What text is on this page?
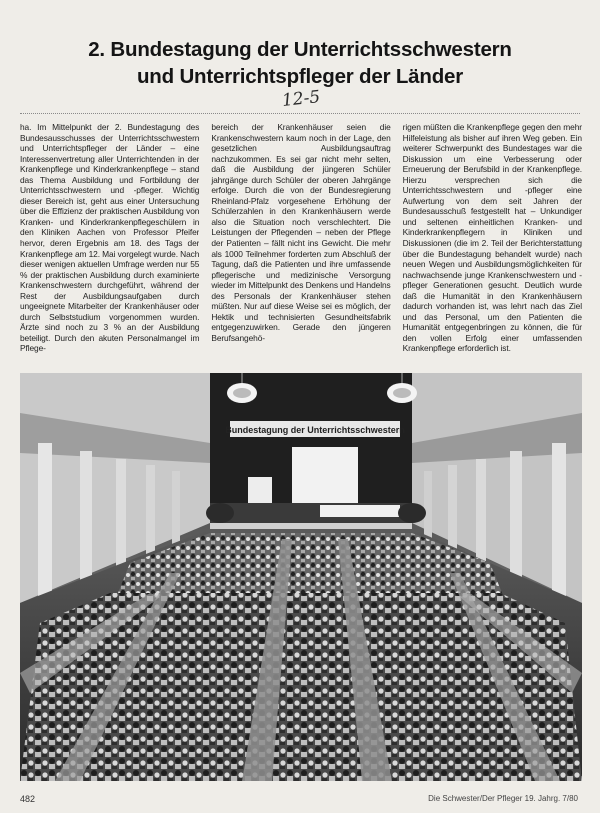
2. Bundestagung der Unterrichtsschwestern
und Unterrichtspfleger der Länder
12-5
ha. Im Mittelpunkt der 2. Bundestagung des Bundesausschusses der Unterrichtsschwestern und Unterrichtspfleger der Länder – eine Interessenvertretung aller Unterrichtenden in der Krankenpflege und Kinderkrankenpflege – stand das Thema Ausbildung und Fortbildung der Unterrichtsschwestern und -pfleger. Wichtig dieser Bereich ist, geht aus einer Untersuchung über die Effizienz der praktischen Ausbildung von Kranken- und Kinderkrankenpflegeschülern in den Kliniken Aachen von Professor Pfeifer hervor, deren Ergebnis am 18. des Tags der Krankenpflege am 12. Mai vorgelegt wurde. Nach dieser wenigen aktuellen Umfrage werden nur 55 % der praktischen Ausbildung durch examinierte Krankenschwestern durchgeführt, während der Rest der Ausbildungsaufgaben durch ungeeignete Mitarbeiter der Krankenhäuser oder durch Selbststudium vorgenommen wurden. Ärzte sind noch zu 3 % an der Ausbildung beteiligt. Durch den akuten Personalmangel im Pflege-
bereich der Krankenhäuser seien die Krankenschwestern kaum noch in der Lage, den gesetzlichen Ausbildungsauftrag nachzukommen. Es sei gar nicht mehr selten, daß die Ausbildung der jüngeren Schüler jahrgänge durch Schüler der oberen Jahrgänge erfolge. Durch die von der Bundesregierung Rheinland-Pfalz vorgesehene Erhöhung der Schülerzahlen in den Krankenhäusern werde also die Situation noch verschlechtert. Die Leistungen der Pflegenden – neben der Pflege der Patienten – fällt nicht ins Gewicht. Die mehr als 1000 Teilnehmer forderten zum Abschluß der Tagung, daß die Patienten und ihre umfassende pflegerische und medizinische Versorgung wieder im Mittelpunkt des Denkens und Handelns des Personals der Krankenhäuser stehen müßten. Nur auf diese Weise sei es möglich, der Hektik und technisierten Gesundheitsfabrik entgegenzuwirken. Gerade den jüngeren Berufsangehö-
rigen müßten die Krankenpflege gegen den mehr Hilfeleistung als bisher auf ihren Weg geben. Ein weiterer Schwerpunkt des Bundestages war die Diskussion um eine Verbesserung oder Erneuerung der Berufsbild in der Krankenpflege. Hierzu versprechen sich die Unterrichtsschwestern und -pfleger eine Aufwertung von dem seit Jahren der Bundesausschuß festgestellt hat – Unkundiger und seltenen einheitlichen Kranken- und Kinderkrankenpflegern in Kliniken und Diskussionen (die im 2. Teil der Berichterstattung über die Bundestagung behandelt wurde) nach neuen Wegen und Ausbildungsmöglichkeiten für nachwachsende junge Krankenschwestern und -pfleger Generationen gesucht. Deutlich wurde daß die Humanität in den Krankenhäusern dadurch vorhanden ist, was lehrt nach das Ziel und das Personal, um den Patienten die Humanität entgegenbringen zu können, die für den vollen Erfolg einer umfassenden Krankenpflege erforderlich ist.
Bundestagung der Unterrichtsschwestern
482	Die Schwester/Der Pfleger 19. Jahrg. 7/80
